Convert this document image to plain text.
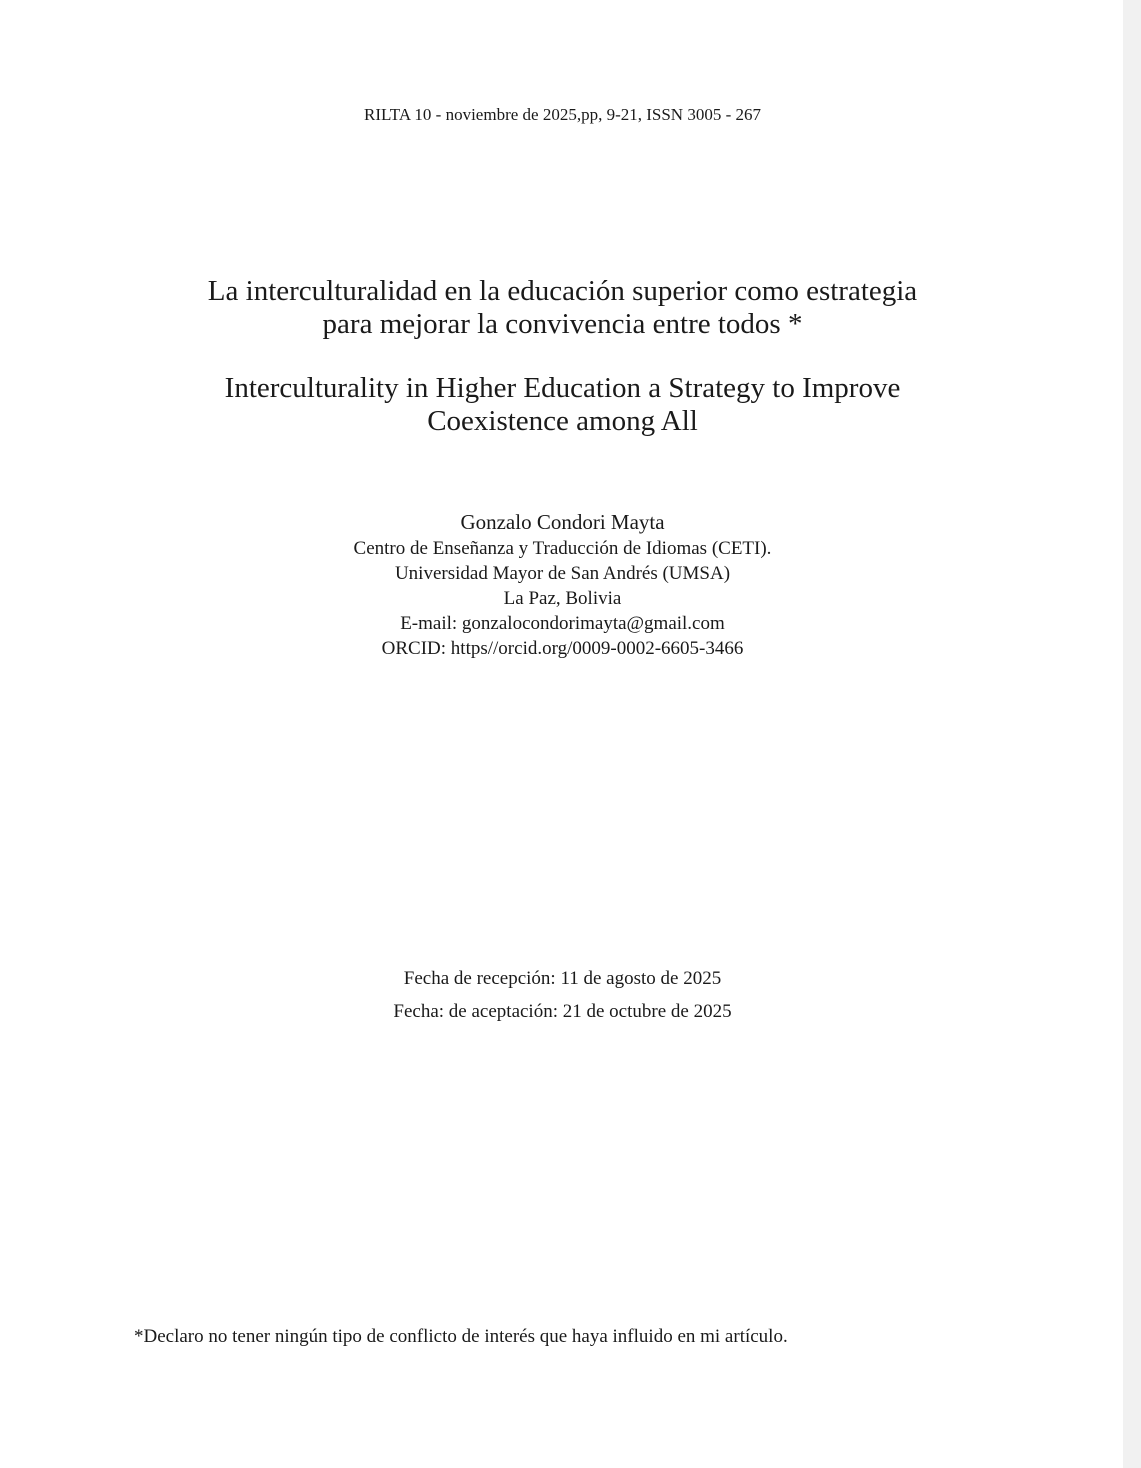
RILTA 10 - noviembre de 2025,pp, 9-21, ISSN 3005 - 267
La interculturalidad en la educación superior como estrategia
para mejorar la convivencia entre todos *
Interculturality in Higher Education a Strategy to Improve
Coexistence among All
Gonzalo Condori Mayta
Centro de Enseñanza y Traducción de Idiomas (CETI).
Universidad Mayor de San Andrés (UMSA)
La Paz, Bolivia
E-mail: gonzalocondorimayta@gmail.com
ORCID: https//orcid.org/0009-0002-6605-3466
Fecha de recepción: 11 de agosto de 2025
Fecha: de aceptación: 21 de octubre de 2025
*Declaro no tener ningún tipo de conflicto de interés que haya influido en mi artículo.
